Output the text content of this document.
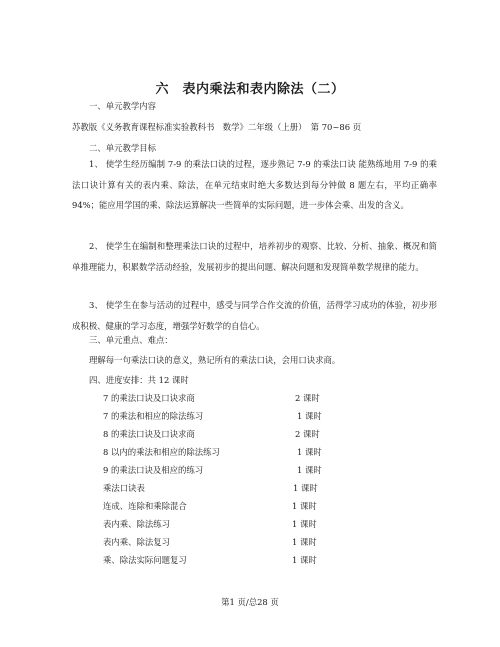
六　表内乘法和表内除法（二）
一、单元教学内容
苏教版《义务教育课程标准实验教科书　数学》二年级（上册）　第 70~86 页
二、单元教学目标
1、 使学生经历编制 7-9 的乘法口诀的过程，逐步熟记 7-9 的乘法口诀 能熟练地用 7-9 的乘法口诀计算有关的表内乘、除法，在单元结束时绝大多数达到每分钟做 8 题左右，平均正确率 94%；能应用学国的乘、除法运算解决一些简单的实际问题，进一步体会乘、出发的含义。
2、 使学生在编制和整理乘法口诀的过程中，培养初步的观察、比较、分析、抽象、概况和简单推理能力，积累数学活动经验，发展初步的提出问题、解决问题和发现简单数学规律的能力。
3、 使学生在参与活动的过程中，感受与同学合作交流的价值，活得学习成功的体验，初步形成积极、健康的学习态度，增强学好数学的自信心。
三、单元重点、难点：
理解每一句乘法口诀的意义，熟记所有的乘法口诀，会用口诀求商。
四、进度安排：共 12 课时
7 的乘法口诀及口诀求商	2 课时
7 的乘法和相应的除法练习	1 课时
8 的乘法口诀及口诀求商	2 课时
8 以内的乘法和相应的除法练习	1 课时
9 的乘法口诀及相应的练习	1 课时
乘法口诀表	1 课时
连成、连除和乘除混合	1 课时
表内乘、除法练习	1 课时
表内乘、除法复习	1 课时
乘、除法实际问题复习	1 课时
第1 页/总28 页
